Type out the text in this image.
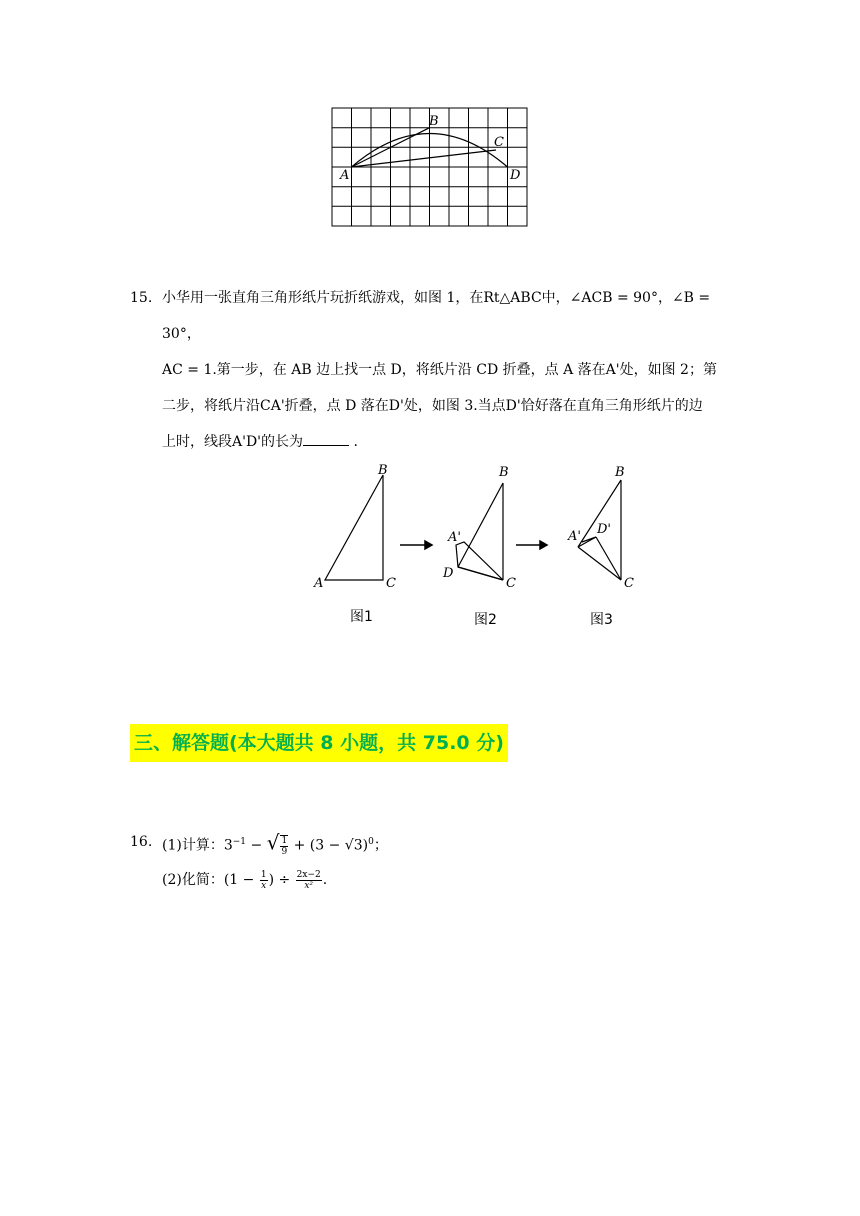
A
B
C
D
15. 小华用一张直角三角形纸片玩折纸游戏，如图 1，在Rt△ABC中，∠ACB = 90°，∠B = 30°，
AC = 1.第一步，在 AB 边上找一点 D，将纸片沿 CD 折叠，点 A 落在A'处，如图 2；第
二步，将纸片沿CA'折叠，点 D 落在D'处，如图 3.当点D'恰好落在直角三角形纸片的边
上时，线段A'D'的长为	.
B
A	C
B
A'
D
C
B
A' D'
C
图1	图2	图3
三、解答题(本大题共 8 小题，共 75.0 分)
16. (1)计算：$3^{-1}$ − √ $\frac{1}{9} + (3 - √3)^0$；
(2)化简：($1 - \frac{1}{x}$ ) ÷ $\frac{2x-2}{\text{x²}}$ .
